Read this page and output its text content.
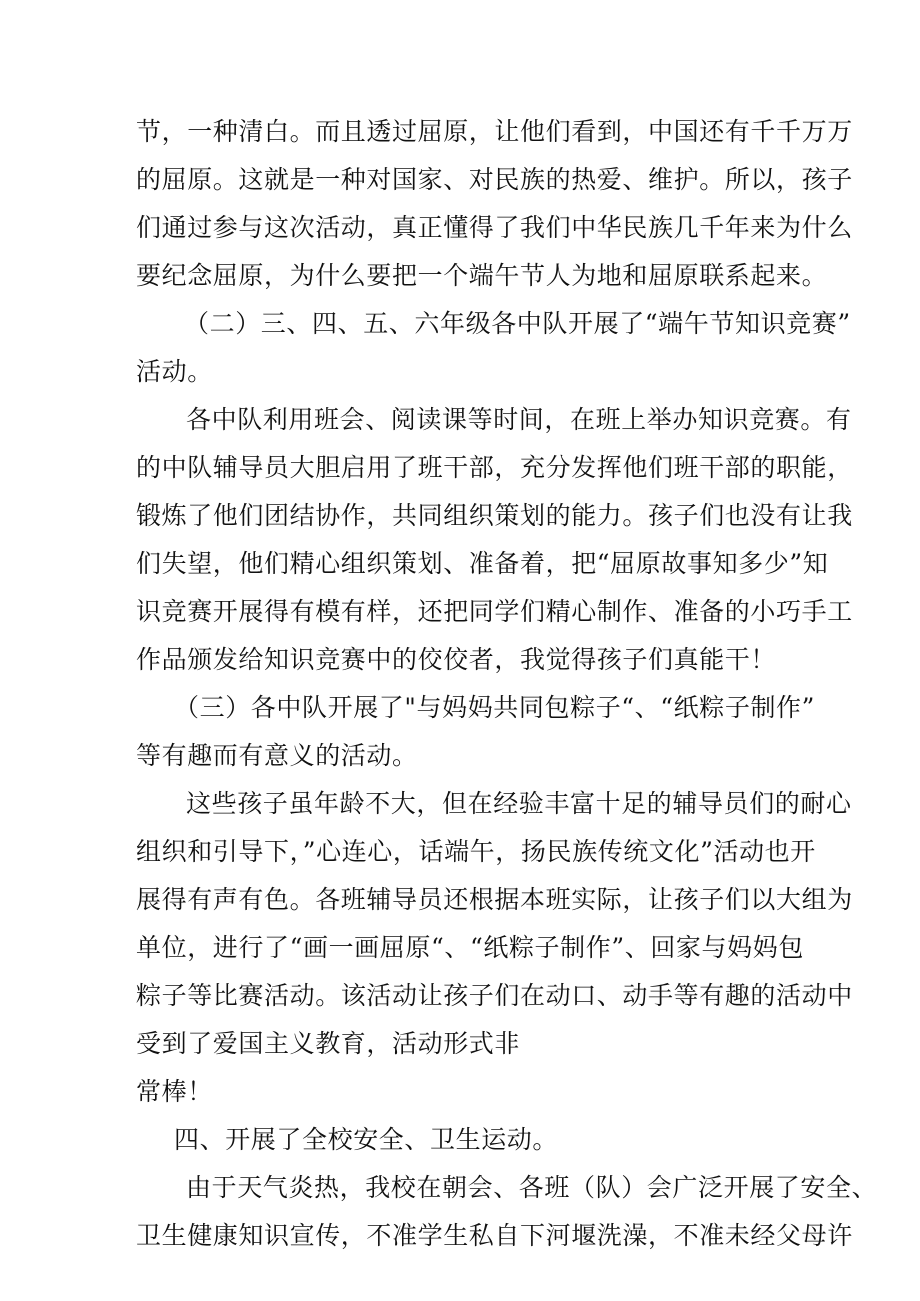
节，一种清白。而且透过屈原，让他们看到，中国还有千千万万
的屈原。这就是一种对国家、对民族的热爱、维护。所以，孩子
们通过参与这次活动，真正懂得了我们中华民族几千年来为什么
要纪念屈原，为什么要把一个端午节人为地和屈原联系起来。
（二）三、四、五、六年级各中队开展了“端午节知识竞赛”
活动。
各中队利用班会、阅读课等时间，在班上举办知识竞赛。有
的中队辅导员大胆启用了班干部，充分发挥他们班干部的职能，
锻炼了他们团结协作，共同组织策划的能力。孩子们也没有让我
们失望，他们精心组织策划、准备着，把“屈原故事知多少”知
识竞赛开展得有模有样，还把同学们精心制作、准备的小巧手工
作品颁发给知识竞赛中的佼佼者，我觉得孩子们真能干！
（三）各中队开展了"与妈妈共同包粽子“、“纸粽子制作”
等有趣而有意义的活动。
这些孩子虽年龄不大，但在经验丰富十足的辅导员们的耐心
组织和引导下，”心连心，话端午，扬民族传统文化”活动也开
展得有声有色。各班辅导员还根据本班实际，让孩子们以大组为
单位，进行了“画一画屈原“、“纸粽子制作”、回家与妈妈包
粽子等比赛活动。该活动让孩子们在动口、动手等有趣的活动中
受到了爱国主义教育，活动形式非
常棒！
四、开展了全校安全、卫生运动。
由于天气炎热，我校在朝会、各班（队）会广泛开展了安全、
卫生健康知识宣传，不准学生私自下河堰洗澡，不准未经父母许
